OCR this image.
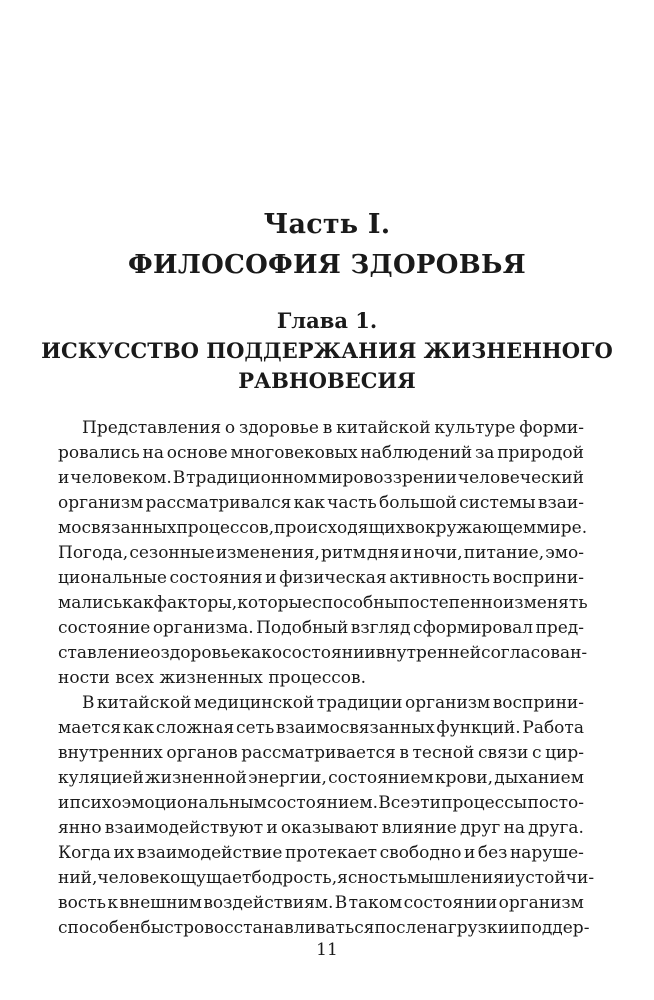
Часть I.
ФИЛОСОФИЯ ЗДОРОВЬЯ
Глава 1.
ИСКУССТВО ПОДДЕРЖАНИЯ ЖИЗНЕННОГО
РАВНОВЕСИЯ
Представления о здоровье в китайской культуре форми-
ровались на основе многовековых наблюдений за природой
и человеком. В традиционном мировоззрении человеческий
организм рассматривался как часть большой системы взаи-
мосвязанных процессов, происходящих в окружающем мире.
Погода, сезонные изменения, ритм дня и ночи, питание, эмо-
циональные состояния и физическая активность восприни-
мались как факторы, которые способны постепенно изменять
состояние организма. Подобный взгляд сформировал пред-
ставление о здоровье как о состоянии внутренней согласован-
ности всех жизненных процессов.
В китайской медицинской традиции организм восприни-
мается как сложная сеть взаимосвязанных функций. Работа
внутренних органов рассматривается в тесной связи с цир-
куляцией жизненной энергии, состоянием крови, дыханием
и психоэмоциональным состоянием. Все эти процессы посто-
янно взаимодействуют и оказывают влияние друг на друга.
Когда их взаимодействие протекает свободно и без наруше-
ний, человек ощущает бодрость, ясность мышления и устойчи-
вость к внешним воздействиям. В таком состоянии организм
способен быстро восстанавливаться после нагрузки и поддер-
11
